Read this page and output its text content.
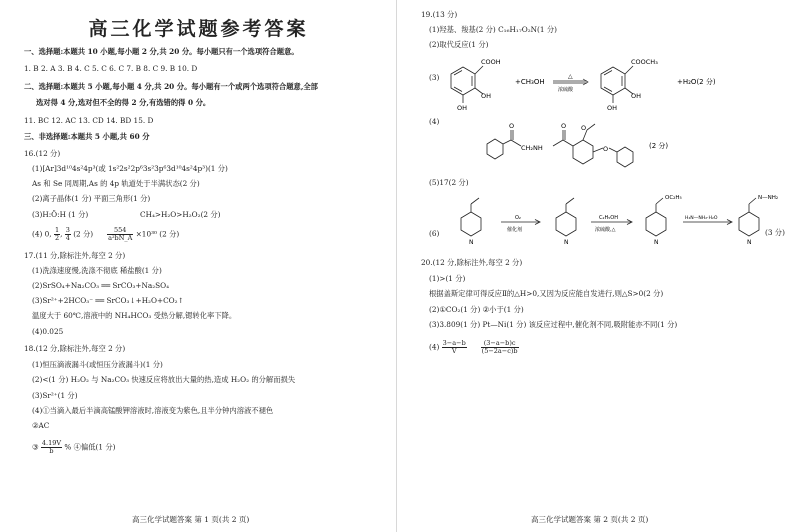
高三化学试题参考答案
一、选择题:本题共 10 小题,每小题 2 分,共 20 分。每小题只有一个选项符合题意。
1. B 2. A 3. B 4. C 5. C 6. C 7. B 8. C 9. B 10. D
二、选择题:本题共 5 小题,每小题 4 分,共 20 分。每小题有一个或两个选项符合题意,全部
选对得 4 分,选对但不全的得 2 分,有选错的得 0 分。
11. BC 12. AC 13. CD 14. BD 15. D
三、非选择题:本题共 5 小题,共 60 分
16.(12 分)
(1)[Ar]3d¹⁰4s²4p³(或 1s²2s²2p⁶3s²3p⁶3d¹⁰4s²4p³)(1 分)
As 和 Se 同周期,As 的 4p 轨道处于半满状态(2 分)
(2)离子晶体(1 分) 平面三角形(1 分)
(3)H:Ö:H (1 分)	CH₄>H₂O>H₂O₂(2 分)
(4) 0, $\frac{1}{2}$ , $\frac{3}{4} (2$ 分) $\frac{554}{\text{a²bN\_A}} \times 10^{30}$ (2 分)
17.(11 分,除标注外,每空 2 分)
(1)洗涤速度慢,洗涤不彻底 稀盐酸(1 分)
(2)SrSO₄+Na₂CO₃ ══ SrCO₃+Na₂SO₄
(3)Sr²⁺+2HCO₃⁻ ══ SrCO₃↓+H₂O+CO₂↑
温度大于 60℃,溶液中的 NH₄HCO₃ 受热分解,锶转化率下降。
(4)0.025
18.(12 分,除标注外,每空 2 分)
(1)恒压滴液漏斗(或恒压分液漏斗)(1 分)
(2)<(1 分) H₂O₂ 与 Na₂CO₃ 快速反应将放出大量的热,造成 H₂O₂ 的分解而损失
(3)Sr²⁺(1 分)
(4)①当滴入最后半滴高锰酸钾溶液时,溶液变为紫色,且半分钟内溶液不褪色
②AC
③ $\frac{4.19V}{b}$ % ④偏低(1 分)
高三化学试题答案 第 1 页(共 2 页)
19.(13 分)
(1)羟基、羧基(2 分) C₁₆H₁₇O₂N(1 分)
(2)取代反应(1 分)
(3)
COOH
OH
OH
+CH₃OH
△
浓硫酸
COOCH₃
OH
OH
+H₂O(2 分)
(4)	O
CH₂NH
O O
O	(2 分)
(5)17(2 分)
(6)
N	N	N	N
O₂
催化剂
C₂H₅OH
浓硫酸,△
OC₂H₅
H₂N—NH₂·H₂O
N—NH₂
(3 分)
20.(12 分,除标注外,每空 2 分)
(1)>(1 分)
根据盖斯定律可得反应Ⅱ的△H>0,又因为反应能自发进行,则△S>0(2 分)
(2)①CO₂(1 分) ②小于(1 分)
(3)3.809(1 分) Pt—Ni(1 分) 该反应过程中,催化剂不同,吸附能亦不同(1 分)
$(4) \frac{3-a-b}{V}$
$\frac{(3-a-b)c}{(5-2a-c)b}$
高三化学试题答案 第 2 页(共 2 页)
